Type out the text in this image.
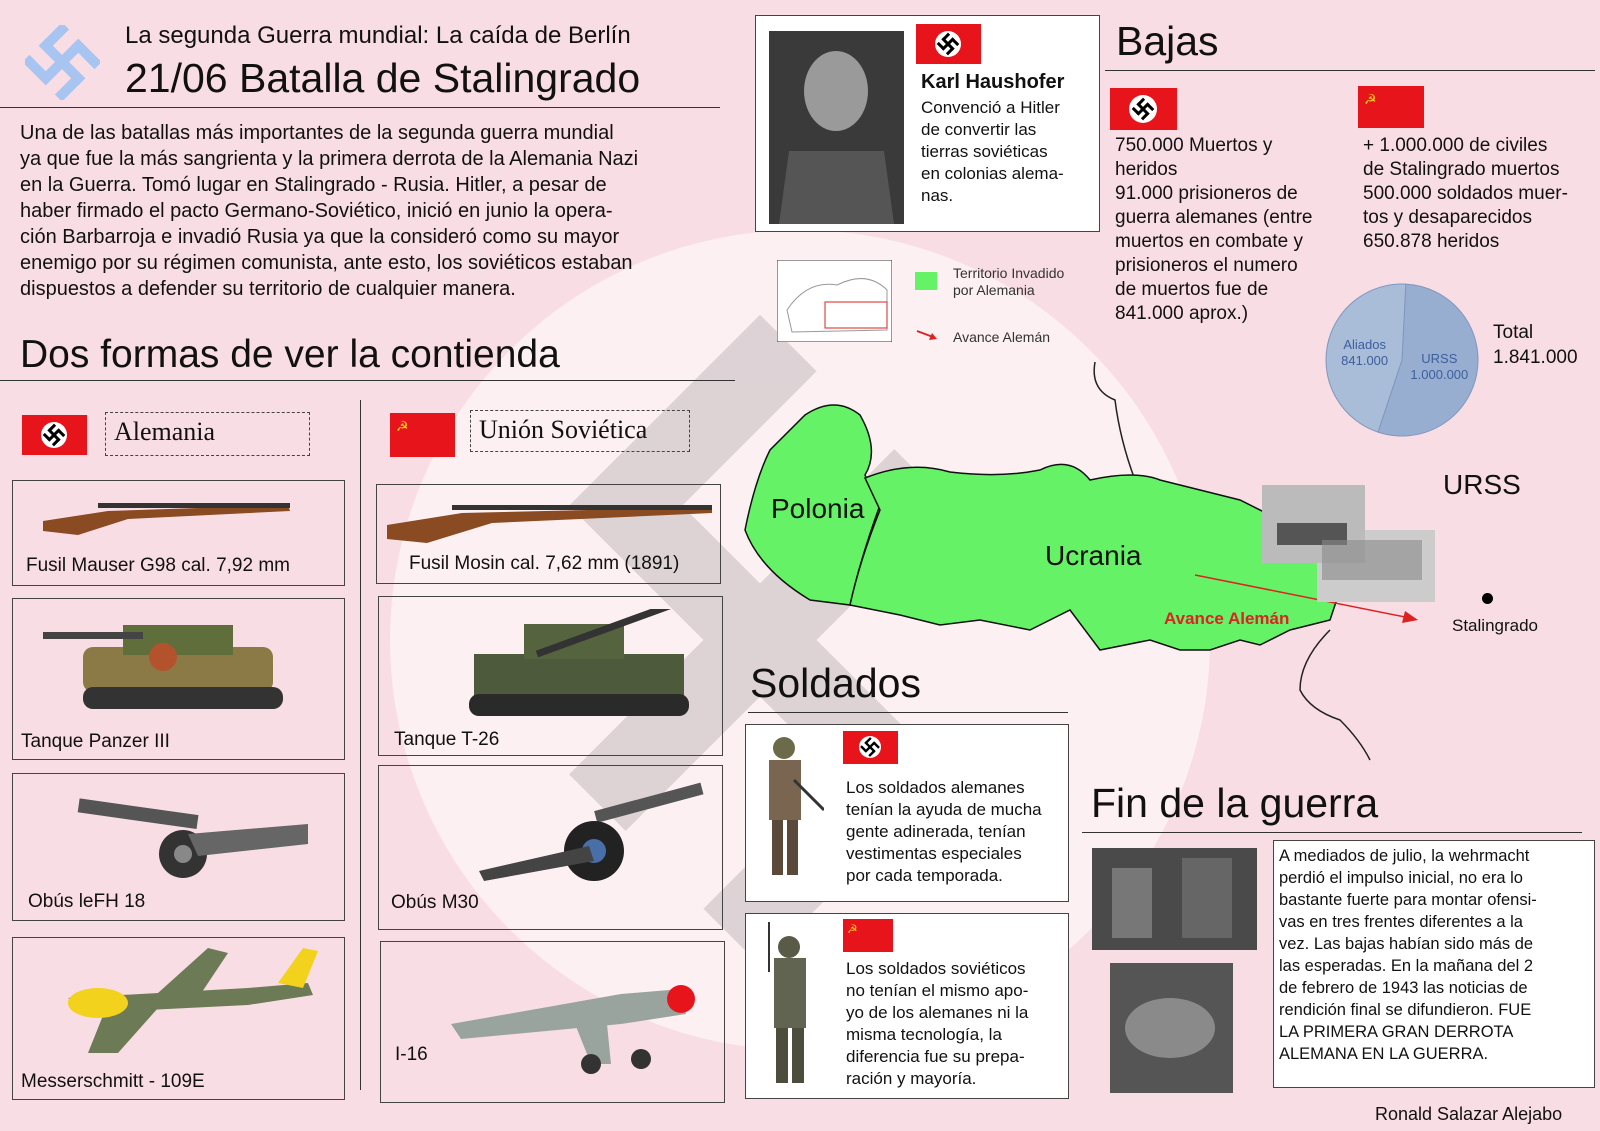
La segunda Guerra mundial: La caída de Berlín
21/06 Batalla de Stalingrado
Una de las batallas más importantes de la segunda guerra mundial
ya que fue la más sangrienta y la primera derrota de la Alemania Nazi
en la Guerra. Tomó lugar en Stalingrado - Rusia. Hitler, a pesar de
haber firmado el pacto Germano-Soviético, inició en junio la opera-
ción Barbarroja e invadió Rusia ya que la consideró como su mayor
enemigo por su régimen comunista, ante esto, los soviéticos estaban
dispuestos a defender su territorio de cualquier manera.
Dos formas de ver la contienda
Alemania
Fusil Mauser G98 cal. 7,92 mm
Tanque Panzer III
Obús leFH 18
Messerschmitt - 109E
☭	Unión Soviética
Fusil Mosin cal. 7,62 mm (1891)
Tanque T-26
Obús M30
I-16
Karl Haushofer
Convenció a Hitler
de convertir las
tierras soviéticas
en colonias alema-
nas.
Territorio Invadido
por Alemania
Avance Alemán
Polonia
Ucrania
URSS
Stalingrado
Avance Alemán
Bajas
☭
750.000 Muertos y
heridos
91.000 prisioneros de
guerra alemanes (entre
muertos en combate y
prisioneros el numero
de muertos fue de
841.000 aprox.)
+ 1.000.000 de civiles
de Stalingrado muertos
500.000 soldados muer-
tos y desaparecidos
650.878 heridos
URSS
1.000.000
Aliados
841.000
Total
1.841.000
Soldados
Los soldados alemanes
tenían la ayuda de mucha
gente adinerada, tenían
vestimentas especiales
por cada temporada.
☭
Los soldados soviéticos
no tenían el mismo apo-
yo de los alemanes ni la
misma tecnología, la
diferencia fue su prepa-
ración y mayoría.
Fin de la guerra
A mediados de julio, la wehrmacht
perdió el impulso inicial, no era lo
bastante fuerte para montar ofensi-
vas en tres frentes diferentes a la
vez. Las bajas habían sido más de
las esperadas. En la mañana del 2
de febrero de 1943 las noticias de
rendición final se difundieron. FUE
LA PRIMERA GRAN DERROTA
ALEMANA EN LA GUERRA.
Ronald Salazar Alejabo
